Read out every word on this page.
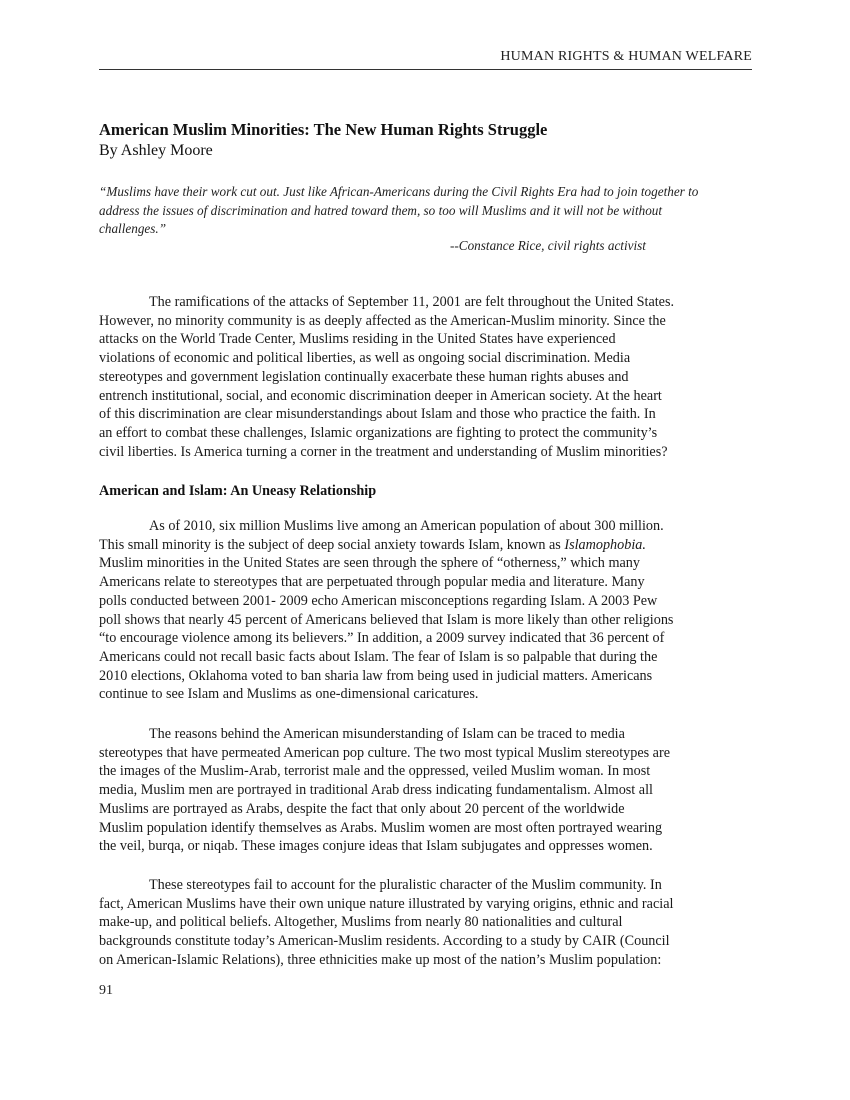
HUMAN RIGHTS & HUMAN WELFARE
American Muslim Minorities: The New Human Rights Struggle
By Ashley Moore
“Muslims have their work cut out. Just like African-Americans during the Civil Rights Era had to join together to
address the issues of discrimination and hatred toward them, so too will Muslims and it will not be without
challenges.”
--Constance Rice, civil rights activist
The ramifications of the attacks of September 11, 2001 are felt throughout the United States.
However, no minority community is as deeply affected as the American-Muslim minority. Since the
attacks on the World Trade Center, Muslims residing in the United States have experienced
violations of economic and political liberties, as well as ongoing social discrimination. Media
stereotypes and government legislation continually exacerbate these human rights abuses and
entrench institutional, social, and economic discrimination deeper in American society. At the heart
of this discrimination are clear misunderstandings about Islam and those who practice the faith. In
an effort to combat these challenges, Islamic organizations are fighting to protect the community’s
civil liberties. Is America turning a corner in the treatment and understanding of Muslim minorities?
American and Islam: An Uneasy Relationship
As of 2010, six million Muslims live among an American population of about 300 million.
This small minority is the subject of deep social anxiety towards Islam, known as Islamophobia.
Muslim minorities in the United States are seen through the sphere of “otherness,” which many
Americans relate to stereotypes that are perpetuated through popular media and literature. Many
polls conducted between 2001- 2009 echo American misconceptions regarding Islam. A 2003 Pew
poll shows that nearly 45 percent of Americans believed that Islam is more likely than other religions
“to encourage violence among its believers.” In addition, a 2009 survey indicated that 36 percent of
Americans could not recall basic facts about Islam. The fear of Islam is so palpable that during the
2010 elections, Oklahoma voted to ban sharia law from being used in judicial matters. Americans
continue to see Islam and Muslims as one-dimensional caricatures.
The reasons behind the American misunderstanding of Islam can be traced to media
stereotypes that have permeated American pop culture. The two most typical Muslim stereotypes are
the images of the Muslim-Arab, terrorist male and the oppressed, veiled Muslim woman. In most
media, Muslim men are portrayed in traditional Arab dress indicating fundamentalism. Almost all
Muslims are portrayed as Arabs, despite the fact that only about 20 percent of the worldwide
Muslim population identify themselves as Arabs. Muslim women are most often portrayed wearing
the veil, burqa, or niqab. These images conjure ideas that Islam subjugates and oppresses women.
These stereotypes fail to account for the pluralistic character of the Muslim community. In
fact, American Muslims have their own unique nature illustrated by varying origins, ethnic and racial
make-up, and political beliefs. Altogether, Muslims from nearly 80 nationalities and cultural
backgrounds constitute today’s American-Muslim residents. According to a study by CAIR (Council
on American-Islamic Relations), three ethnicities make up most of the nation’s Muslim population:
91
